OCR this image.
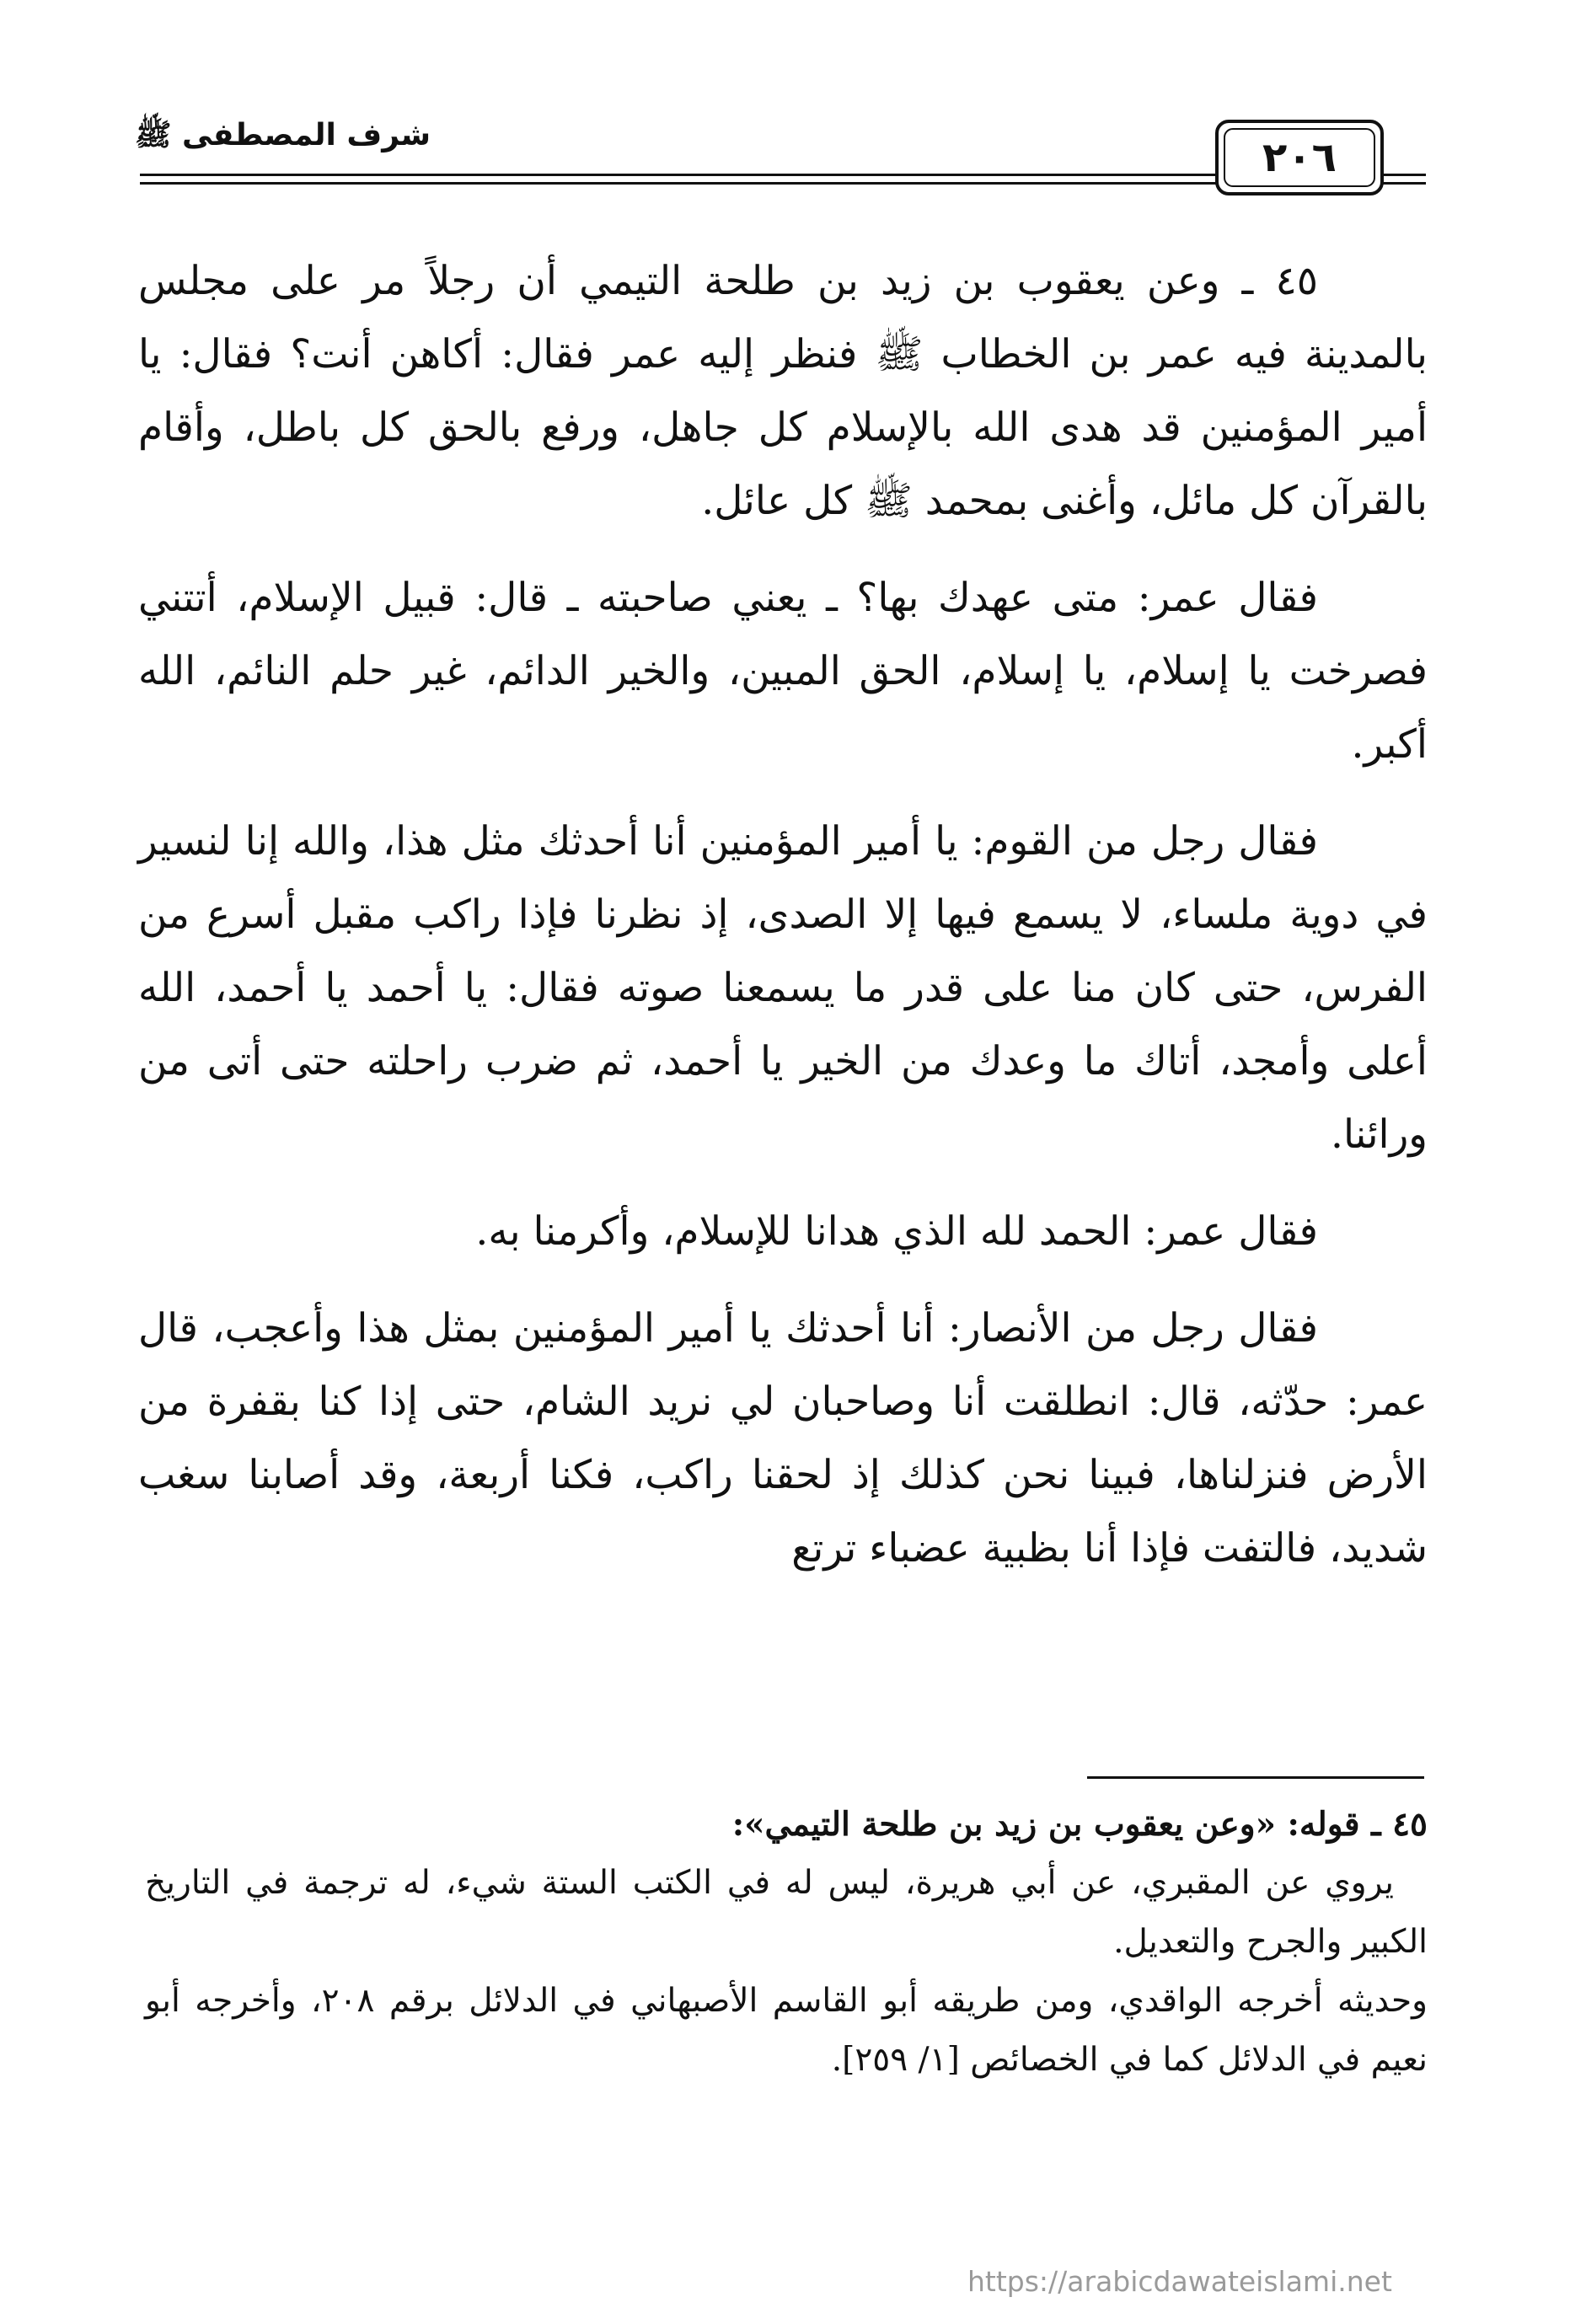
٢٠٦
شرف المصطفى ﷺ

٤٥ ـ وعن يعقوب بن زيد بن طلحة التيمي أن رجلاً مر على مجلس بالمدينة فيه عمر بن الخطاب ﷺ فنظر إليه عمر فقال: أكاهن أنت؟ فقال: يا أمير المؤمنين قد هدى الله بالإسلام كل جاهل، ورفع بالحق كل باطل، وأقام بالقرآن كل مائل، وأغنى بمحمد ﷺ كل عائل.

فقال عمر: متى عهدك بها؟ ـ يعني صاحبته ـ قال: قبيل الإسلام، أتتني فصرخت يا إسلام، يا إسلام، الحق المبين، والخير الدائم، غير حلم النائم، الله أكبر.

فقال رجل من القوم: يا أمير المؤمنين أنا أحدثك مثل هذا، والله إنا لنسير في دوية ملساء، لا يسمع فيها إلا الصدى، إذ نظرنا فإذا راكب مقبل أسرع من الفرس، حتى كان منا على قدر ما يسمعنا صوته فقال: يا أحمد يا أحمد، الله أعلى وأمجد، أتاك ما وعدك من الخير يا أحمد، ثم ضرب راحلته حتى أتى من ورائنا.

فقال عمر: الحمد لله الذي هدانا للإسلام، وأكرمنا به.

فقال رجل من الأنصار: أنا أحدثك يا أمير المؤمنين بمثل هذا وأعجب، قال عمر: حدّثه، قال: انطلقت أنا وصاحبان لي نريد الشام، حتى إذا كنا بقفرة من الأرض فنزلناها، فبينا نحن كذلك إذ لحقنا راكب، فكنا أربعة، وقد أصابنا سغب شديد، فالتفت فإذا أنا بظبية عضباء ترتع

٤٥ ـ قوله: «وعن يعقوب بن زيد بن طلحة التيمي»:

يروي عن المقبري، عن أبي هريرة، ليس له في الكتب الستة شيء، له ترجمة في التاريخ الكبير والجرح والتعديل.

وحديثه أخرجه الواقدي، ومن طريقه أبو القاسم الأصبهاني في الدلائل برقم ٢٠٨، وأخرجه أبو نعيم في الدلائل كما في الخصائص [١/ ٢٥٩].

https://arabicdawateislami.net
